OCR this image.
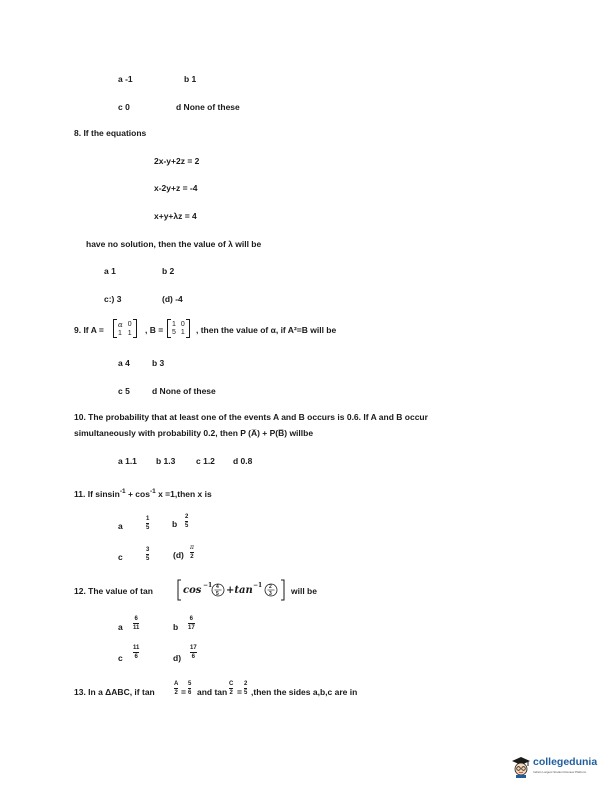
a -1	b 1
c 0	d None of these
8. If the equations
2x-y+2z = 2
x-2y+z = -4
x+y+λz = 4
have no solution, then the value of λ will be
a 1	b 2
c:) 3	(d) -4
9. If A =
α 0
1 1 , B =
1 0
5 1 , then the value of α, if A²=B will be
a 4	b 3
c 5	d None of these
10. The probability that at least one of the events A and B occurs is 0.6. If A and B occur
simultaneously with probability 0.2, then P (A̅) + P(B̅) willbe
a 1.1 b 1.3 c 1.2 d 0.8
11. If $sinsin^{-1} + \cos^{-1} x$ =1,then x is
a
1
5	b
2
5
c
3
5	(d)
π
2
12. The value of tan	cos −1 4
5 +tan −1 2
3 will be
a
6
11	b
6
17
c
11
6	d)
17
6
13. In a ΔABC, if tan
A
2 =
5
6 and tan
C
2 =
2
5 ,then the sides a,b,c are in
collegedunia
India's Largest Student Review Platform
